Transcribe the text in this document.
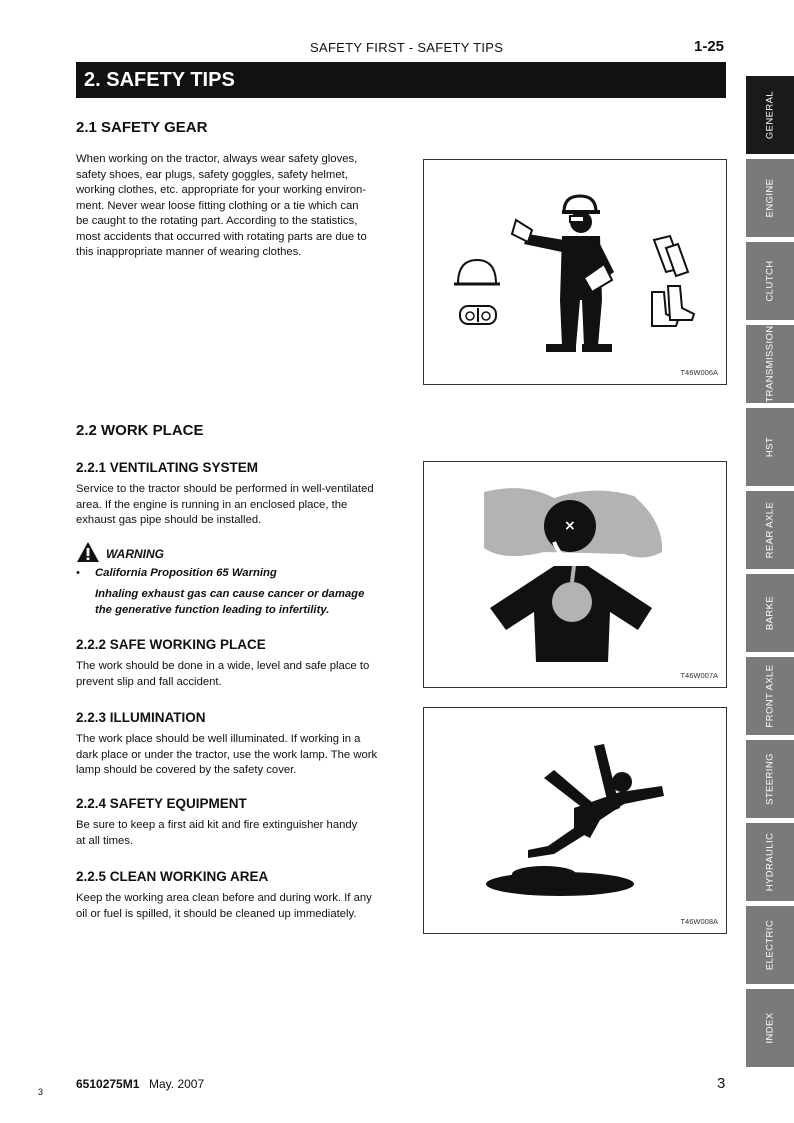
SAFETY FIRST - SAFETY TIPS	1-25
2. SAFETY TIPS
2.1 SAFETY GEAR
When working on the tractor, always wear safety gloves,
safety shoes, ear plugs, safety goggles, safety helmet,
working clothes, etc. appropriate for your working environ-
ment. Never wear loose fitting clothing or a tie which can
be caught to the rotating part. According to the statistics,
most accidents that occurred with rotating parts are due to
this inappropriate manner of wearing clothes.
T46W006A
2.2 WORK PLACE
2.2.1 VENTILATING SYSTEM
Service to the tractor should be performed in well-ventilated
area. If the engine is running in an enclosed place, the
exhaust gas pipe should be installed.
WARNING
• California Proposition 65 Warning
Inhaling exhaust gas can cause cancer or damage
the generative function leading to infertility.
×
T46W007A
2.2.2 SAFE WORKING PLACE
The work should be done in a wide, level and safe place to
prevent slip and fall accident.
2.2.3 ILLUMINATION
The work place should be well illuminated. If working in a
dark place or under the tractor, use the work lamp. The work
lamp should be covered by the safety cover.
T46W008A
2.2.4 SAFETY EQUIPMENT
Be sure to keep a first aid kit and fire extinguisher handy
at all times.
2.2.5 CLEAN WORKING AREA
Keep the working area clean before and during work. If any
oil or fuel is spilled, it should be cleaned up immediately.
GENERAL
ENGINE
CLUTCH
TRANSMISSION
HST
REAR AXLE
BARKE
FRONT AXLE
STEERING
HYDRAULIC
ELECTRIC
INDEX
3
6510275M1 May. 2007	3
